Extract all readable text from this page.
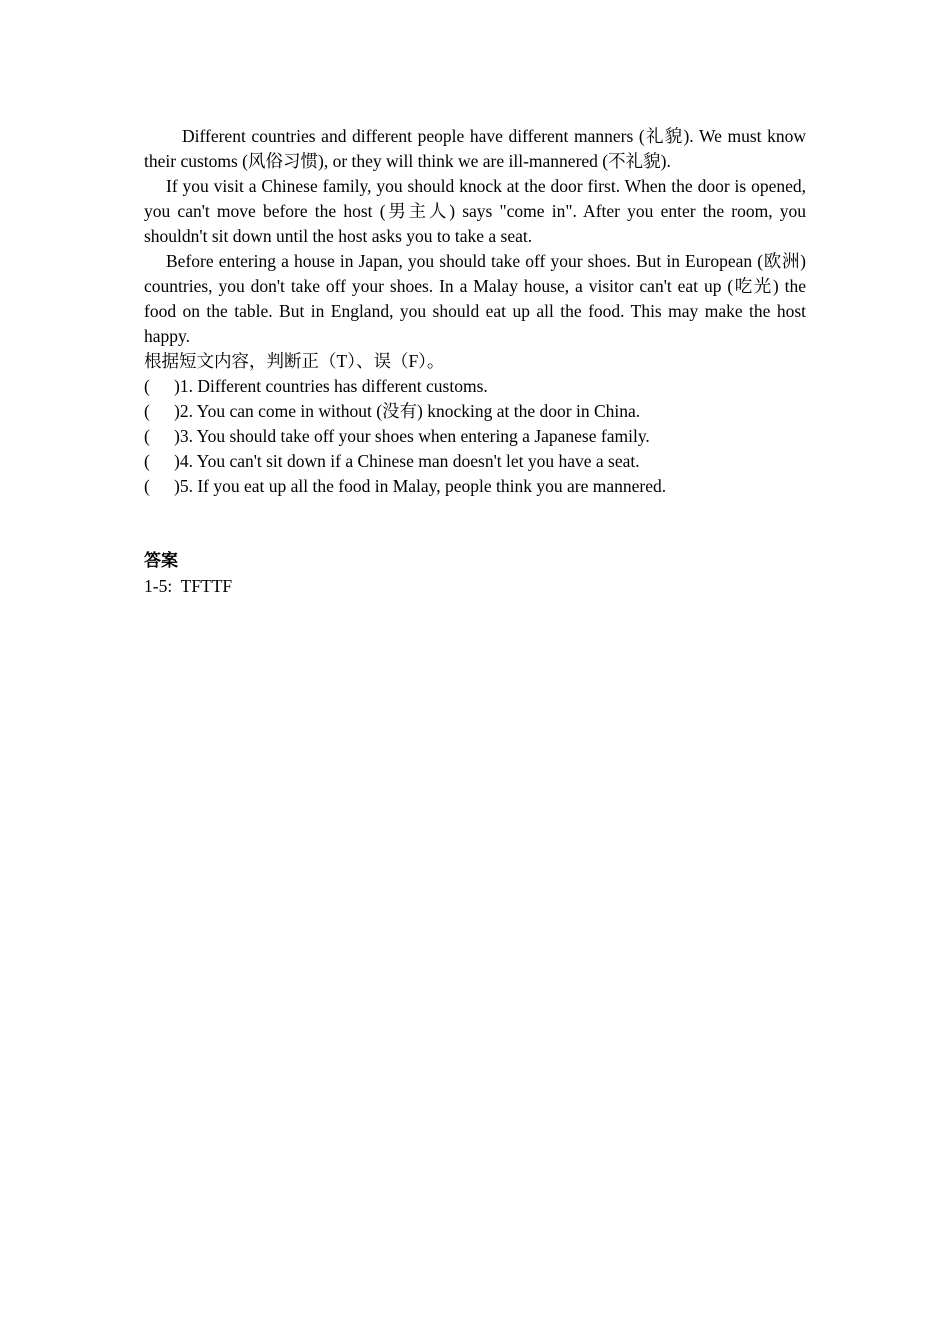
Different countries and different people have different manners (礼貌). We must know their customs (风俗习惯), or they will think we are ill-mannered (不礼貌).

If you visit a Chinese family, you should knock at the door first. When the door is opened, you can't move before the host (男主人) says "come in". After you enter the room, you shouldn't sit down until the host asks you to take a seat.

Before entering a house in Japan, you should take off your shoes. But in European (欧洲) countries, you don't take off your shoes. In a Malay house, a visitor can't eat up (吃光) the food on the table. But in England, you should eat up all the food. This may make the host happy.

根据短文内容，判断正（T）、误（F）。

( )1. Different countries has different customs.

( )2. You can come in without (没有) knocking at the door in China.

( )3. You should take off your shoes when entering a Japanese family.

( )4. You can't sit down if a Chinese man doesn't let you have a seat.

( )5. If you eat up all the food in Malay, people think you are mannered.

答案

1-5:  TFTTF
